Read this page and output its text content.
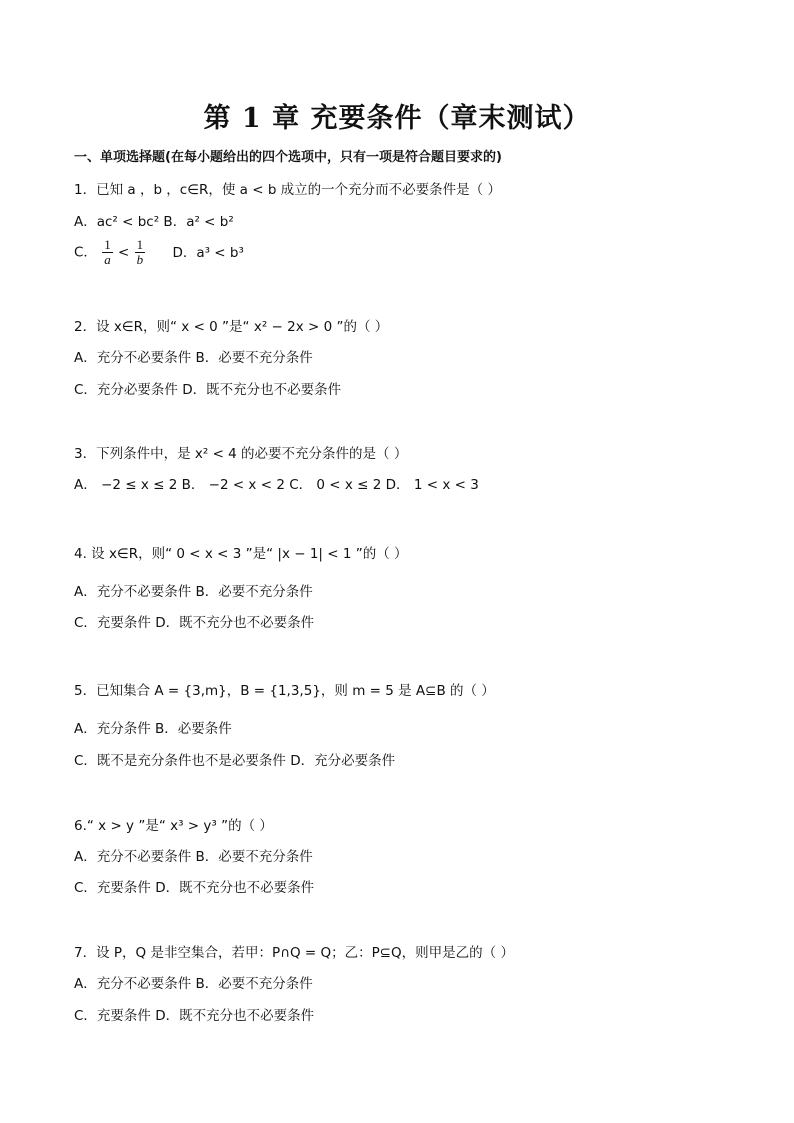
第 1 章 充要条件（章末测试）
一、单项选择题(在每小题给出的四个选项中，只有一项是符合题目要求的)
1．已知 a ，b ，c∈R，使 a < b 成立的一个充分而不必要条件是（ ）
A．ac² < bc² B．a² < b²
C． $\frac{1}{a} < \frac{1}{b}$ D．a³ < b³
2．设 x∈R，则“ x < 0 ”是“ x² − 2x > 0 ”的（ ）
A．充分不必要条件 B．必要不充分条件
C．充分必要条件 D．既不充分也不必要条件
3．下列条件中，是 x² < 4 的必要不充分条件的是（ ）
A． −2 ≤ x ≤ 2 B． −2 < x < 2 C． 0 < x ≤ 2 D． 1 < x < 3
4. 设 x∈R，则“ 0 < x < 3 ”是“ |x − 1| < 1 ”的（ ）
A．充分不必要条件 B．必要不充分条件
C．充要条件 D．既不充分也不必要条件
5．已知集合 A = {3,m}，B = {1,3,5}，则 m = 5 是 A⊆B 的（ ）
A．充分条件 B．必要条件
C．既不是充分条件也不是必要条件 D．充分必要条件
6.“ x > y ”是“ x³ > y³ ”的（ ）
A．充分不必要条件 B．必要不充分条件
C．充要条件 D．既不充分也不必要条件
7．设 P，Q 是非空集合，若甲：P∩Q = Q；乙：P⊆Q，则甲是乙的（ ）
A．充分不必要条件 B．必要不充分条件
C．充要条件 D．既不充分也不必要条件
